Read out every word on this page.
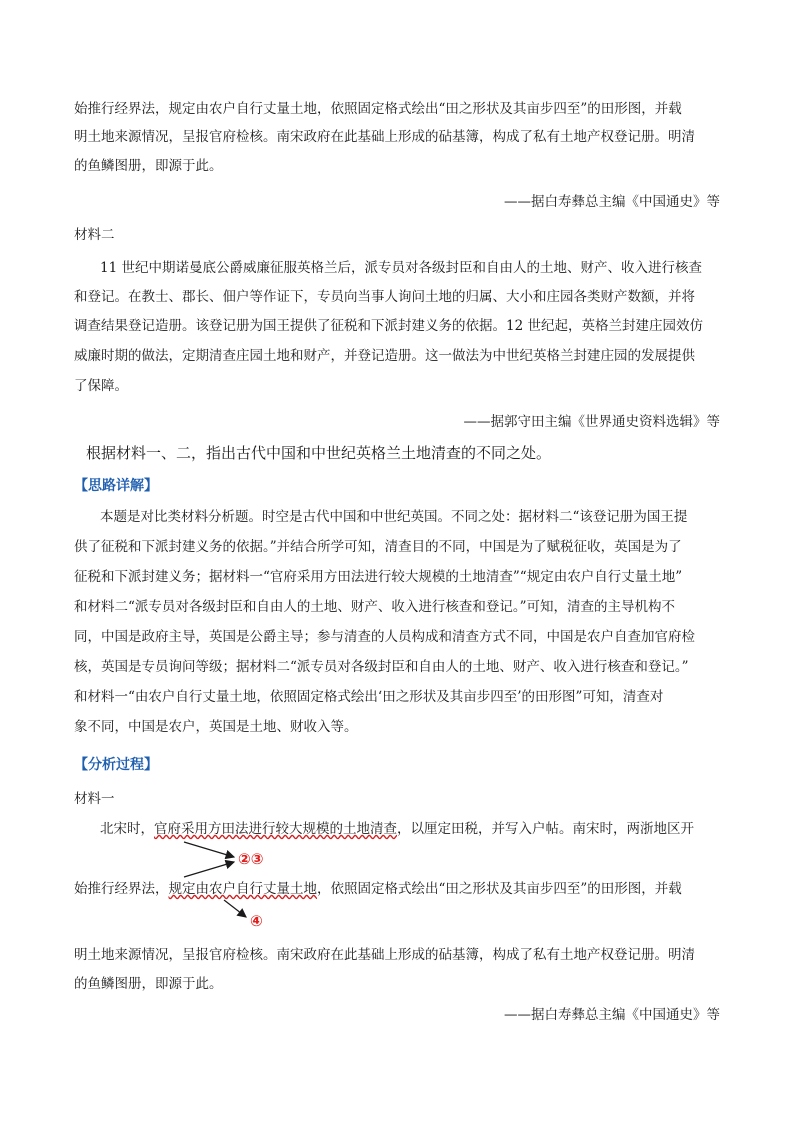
始推行经界法，规定由农户自行丈量土地，依照固定格式绘出“田之形状及其亩步四至”的田形图，并载
明土地来源情况，呈报官府检核。南宋政府在此基础上形成的砧基簿，构成了私有土地产权登记册。明清
的鱼鳞图册，即源于此。
——据白寿彝总主编《中国通史》等
材料二
11 世纪中期诺曼底公爵威廉征服英格兰后，派专员对各级封臣和自由人的土地、财产、收入进行核查
和登记。在教士、郡长、佃户等作证下，专员向当事人询问土地的归属、大小和庄园各类财产数额，并将
调查结果登记造册。该登记册为国王提供了征税和下派封建义务的依据。12 世纪起，英格兰封建庄园效仿
威廉时期的做法，定期清查庄园土地和财产，并登记造册。这一做法为中世纪英格兰封建庄园的发展提供
了保障。
——据郭守田主编《世界通史资料选辑》等
根据材料一、二，指出古代中国和中世纪英格兰土地清查的不同之处。
【思路详解】
本题是对比类材料分析题。时空是古代中国和中世纪英国。不同之处：据材料二“该登记册为国王提
供了征税和下派封建义务的依据。”并结合所学可知，清查目的不同，中国是为了赋税征收，英国是为了
征税和下派封建义务；据材料一“官府采用方田法进行较大规模的土地清查”“规定由农户自行丈量土地”
和材料二“派专员对各级封臣和自由人的土地、财产、收入进行核查和登记。”可知，清查的主导机构不
同，中国是政府主导，英国是公爵主导；参与清查的人员构成和清查方式不同，中国是农户自查加官府检
核，英国是专员询问等级；据材料二“派专员对各级封臣和自由人的土地、财产、收入进行核查和登记。”
和材料一“由农户自行丈量土地，依照固定格式绘出‘田之形状及其亩步四至’的田形图”可知，清查对
象不同，中国是农户，英国是土地、财收入等。
【分析过程】
材料一
北宋时，官府采用方田法进行较大规模的土地清查，以厘定田税，并写入户帖。南宋时，两浙地区开
②③
始推行经界法，规定由农户自行丈量土地，依照固定格式绘出“田之形状及其亩步四至”的田形图，并载
④
明土地来源情况，呈报官府检核。南宋政府在此基础上形成的砧基簿，构成了私有土地产权登记册。明清
的鱼鳞图册，即源于此。
——据白寿彝总主编《中国通史》等
